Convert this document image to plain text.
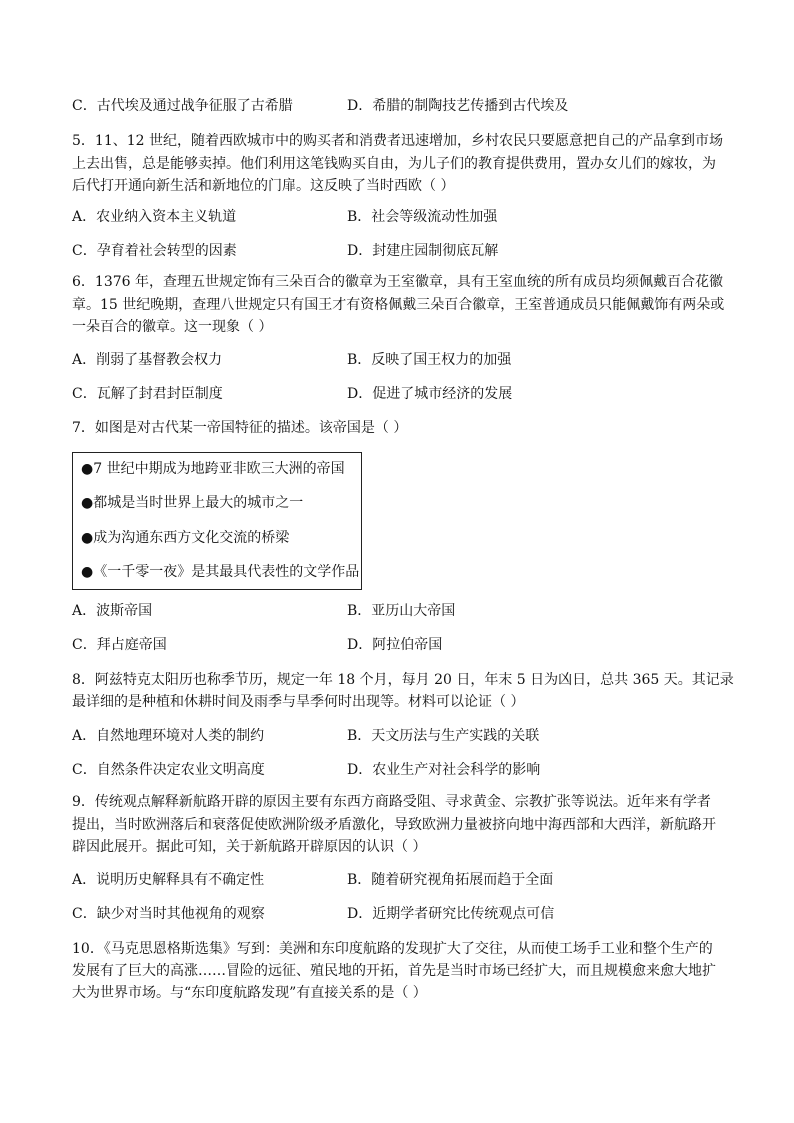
C．古代埃及通过战争征服了古希腊	D．希腊的制陶技艺传播到古代埃及
5．11、12 世纪，随着西欧城市中的购买者和消费者迅速增加，乡村农民只要愿意把自己的产品拿到市场
上去出售，总是能够卖掉。他们利用这笔钱购买自由，为儿子们的教育提供费用，置办女儿们的嫁妆，为
后代打开通向新生活和新地位的门扉。这反映了当时西欧（ ）
A．农业纳入资本主义轨道	B．社会等级流动性加强
C．孕育着社会转型的因素	D．封建庄园制彻底瓦解
6．1376 年，查理五世规定饰有三朵百合的徽章为王室徽章，具有王室血统的所有成员均须佩戴百合花徽
章。15 世纪晚期，查理八世规定只有国王才有资格佩戴三朵百合徽章，王室普通成员只能佩戴饰有两朵或
一朵百合的徽章。这一现象（ ）
A．削弱了基督教会权力	B．反映了国王权力的加强
C．瓦解了封君封臣制度	D．促进了城市经济的发展
7．如图是对古代某一帝国特征的描述。该帝国是（ ）
●7 世纪中期成为地跨亚非欧三大洲的帝国
●都城是当时世界上最大的城市之一
●成为沟通东西方文化交流的桥梁
●《一千零一夜》是其最具代表性的文学作品
A．波斯帝国	B．亚历山大帝国
C．拜占庭帝国	D．阿拉伯帝国
8．阿兹特克太阳历也称季节历，规定一年 18 个月，每月 20 日，年末 5 日为凶日，总共 365 天。其记录
最详细的是种植和休耕时间及雨季与旱季何时出现等。材料可以论证（ ）
A．自然地理环境对人类的制约	B．天文历法与生产实践的关联
C．自然条件决定农业文明高度	D．农业生产对社会科学的影响
9．传统观点解释新航路开辟的原因主要有东西方商路受阻、寻求黄金、宗教扩张等说法。近年来有学者
提出，当时欧洲落后和衰落促使欧洲阶级矛盾激化，导致欧洲力量被挤向地中海西部和大西洋，新航路开
辟因此展开。据此可知，关于新航路开辟原因的认识（ ）
A．说明历史解释具有不确定性	B．随着研究视角拓展而趋于全面
C．缺少对当时其他视角的观察	D．近期学者研究比传统观点可信
10．《马克思恩格斯选集》写到：美洲和东印度航路的发现扩大了交往，从而使工场手工业和整个生产的
发展有了巨大的高涨……冒险的远征、殖民地的开拓，首先是当时市场已经扩大，而且规模愈来愈大地扩
大为世界市场。与“东印度航路发现”有直接关系的是（ ）
